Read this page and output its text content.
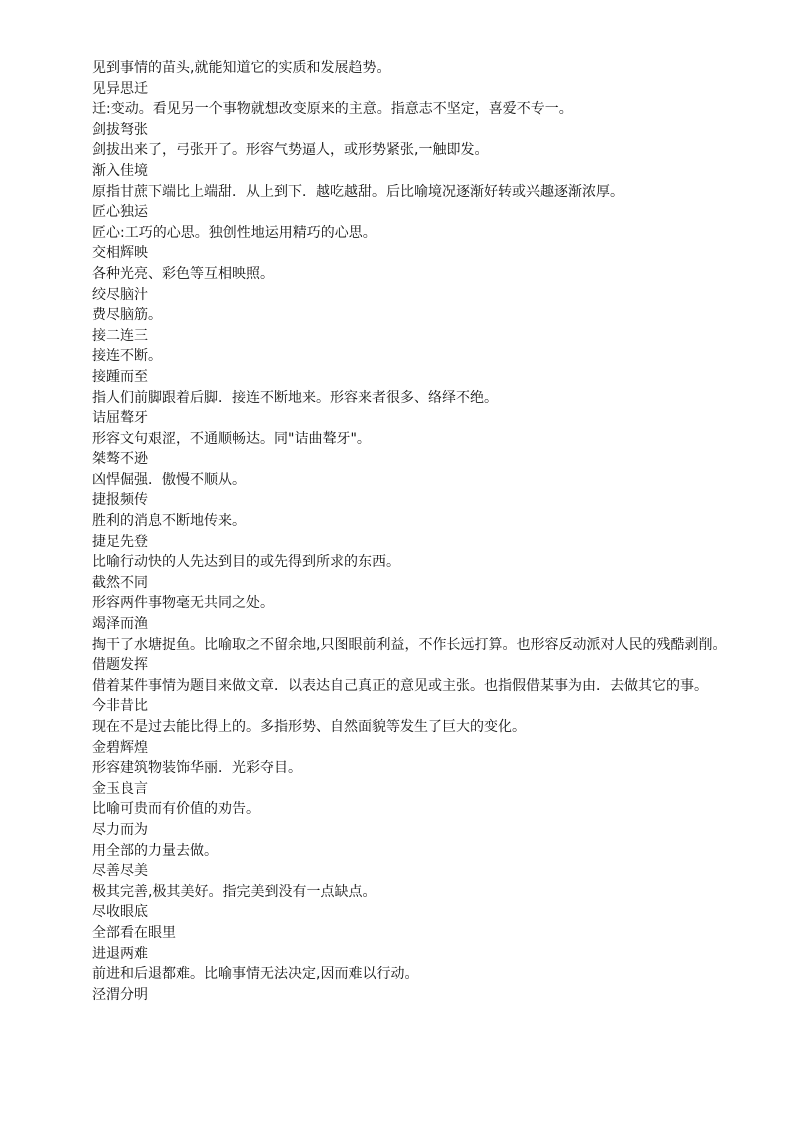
见到事情的苗头,就能知道它的实质和发展趋势。

见异思迁

迁:变动。看见另一个事物就想改变原来的主意。指意志不坚定，喜爱不专一。

剑拔弩张

剑拔出来了，弓张开了。形容气势逼人，或形势紧张,一触即发。

渐入佳境

原指甘蔗下端比上端甜．从上到下．越吃越甜。后比喻境况逐渐好转或兴趣逐渐浓厚。

匠心独运

匠心:工巧的心思。独创性地运用精巧的心思。

交相辉映

各种光亮、彩色等互相映照。

绞尽脑汁

费尽脑筋。

接二连三

接连不断。

接踵而至

指人们前脚跟着后脚．接连不断地来。形容来者很多、络绎不绝。

诘屈聱牙

形容文句艰涩，不通顺畅达。同"诘曲聱牙"。

桀骜不逊

凶悍倔强．傲慢不顺从。

捷报频传

胜利的消息不断地传来。

捷足先登

比喻行动快的人先达到目的或先得到所求的东西。

截然不同

形容两件事物毫无共同之处。

竭泽而渔

掏干了水塘捉鱼。比喻取之不留余地,只图眼前利益，不作长远打算。也形容反动派对人民的残酷剥削。

借题发挥

借着某件事情为题目来做文章．以表达自己真正的意见或主张。也指假借某事为由．去做其它的事。

今非昔比

现在不是过去能比得上的。多指形势、自然面貌等发生了巨大的变化。

金碧辉煌

形容建筑物装饰华丽．光彩夺目。

金玉良言

比喻可贵而有价值的劝告。

尽力而为

用全部的力量去做。

尽善尽美

极其完善,极其美好。指完美到没有一点缺点。

尽收眼底

全部看在眼里

进退两难

前进和后退都难。比喻事情无法决定,因而难以行动。

泾渭分明
